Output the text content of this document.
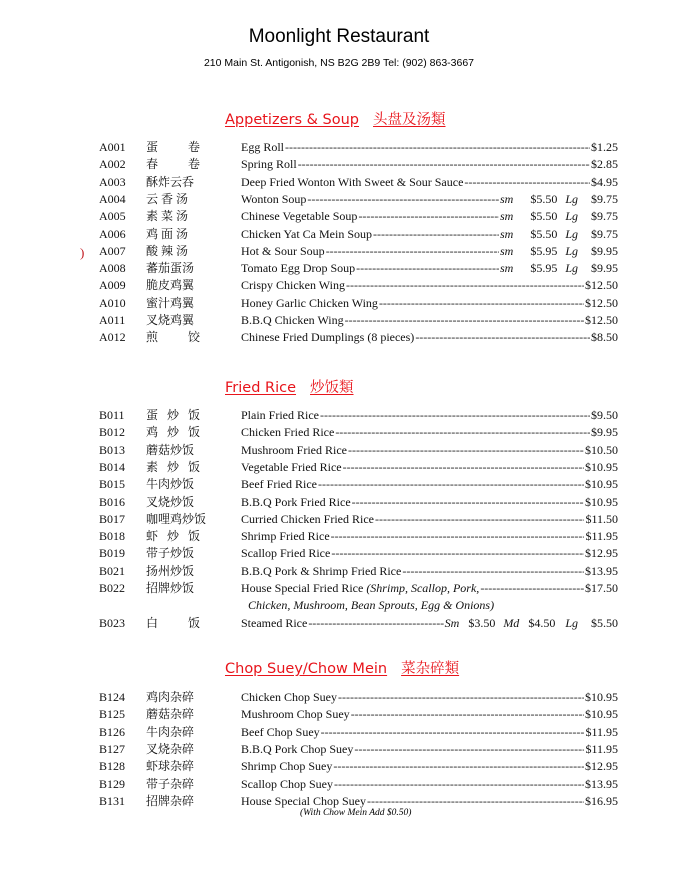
Moonlight Restaurant
210 Main St. Antigonish, NS B2G 2B9 Tel: (902) 863-3667
)
Appetizers & Soup 头盘及汤類
A001 蛋卷	Egg Roll -----	$1.25
A002 春卷	Spring Roll -----	$2.85
A003 酥炸云呑	Deep Fried Wonton With Sweet & Sour Sauce -----	$4.95
A004 云 香 汤	Wonton Soup -----	sm $5.50 Lg $9.75
A005 素 菜 汤	Chinese Vegetable Soup -----	sm $5.50 Lg $9.75
A006 鸡 面 汤	Chicken Yat Ca Mein Soup -----	sm $5.50 Lg $9.75
A007 酸 辣 汤	Hot & Sour Soup -----	sm $5.95 Lg $9.95
A008 蕃茄蛋汤	Tomato Egg Drop Soup -----	sm $5.95 Lg $9.95
A009 脆皮鸡翼	Crispy Chicken Wing -----	$12.50
A010 蜜汁鸡翼	Honey Garlic Chicken Wing -----	$12.50
A011 叉烧鸡翼	B.B.Q Chicken Wing -----	$12.50
A012 煎饺	Chinese Fried Dumplings (8 pieces) -----	$8.50
Fried Rice 炒饭類
B011 蛋 炒 饭	Plain Fried Rice -----	$9.50
B012 鸡 炒 饭	Chicken Fried Rice -----	$9.95
B013 蘑菇炒饭	Mushroom Fried Rice -----	$10.50
B014 素 炒 饭	Vegetable Fried Rice -----	$10.95
B015 牛肉炒饭	Beef Fried Rice -----	$10.95
B016 叉烧炒饭	B.B.Q Pork Fried Rice -----	$10.95
B017 咖哩鸡炒饭	Curried Chicken Fried Rice -----	$11.50
B018 虾 炒 饭	Shrimp Fried Rice -----	$11.95
B019 带子炒饭	Scallop Fried Rice -----	$12.95
B021 扬州炒饭	B.B.Q Pork & Shrimp Fried Rice -----	$13.95
B022 招牌炒饭	House Special Fried Rice (Shrimp, Scallop, Pork, -----	$17.50
Chicken, Mushroom, Bean Sprouts, Egg & Onions)
B023 白饭	Steamed Rice -----	Sm $3.50 Md $4.50 Lg $5.50
Chop Suey/Chow Mein 菜杂碎類
B124 鸡肉杂碎	Chicken Chop Suey -----	$10.95
B125 蘑菇杂碎	Mushroom Chop Suey -----	$10.95
B126 牛肉杂碎	Beef Chop Suey -----	$11.95
B127 叉烧杂碎	B.B.Q Pork Chop Suey -----	$11.95
B128 虾球杂碎	Shrimp Chop Suey -----	$12.95
B129 带子杂碎	Scallop Chop Suey -----	$13.95
B131 招牌杂碎	House Special Chop Suey -----	$16.95
(With Chow Mein Add $0.50)
